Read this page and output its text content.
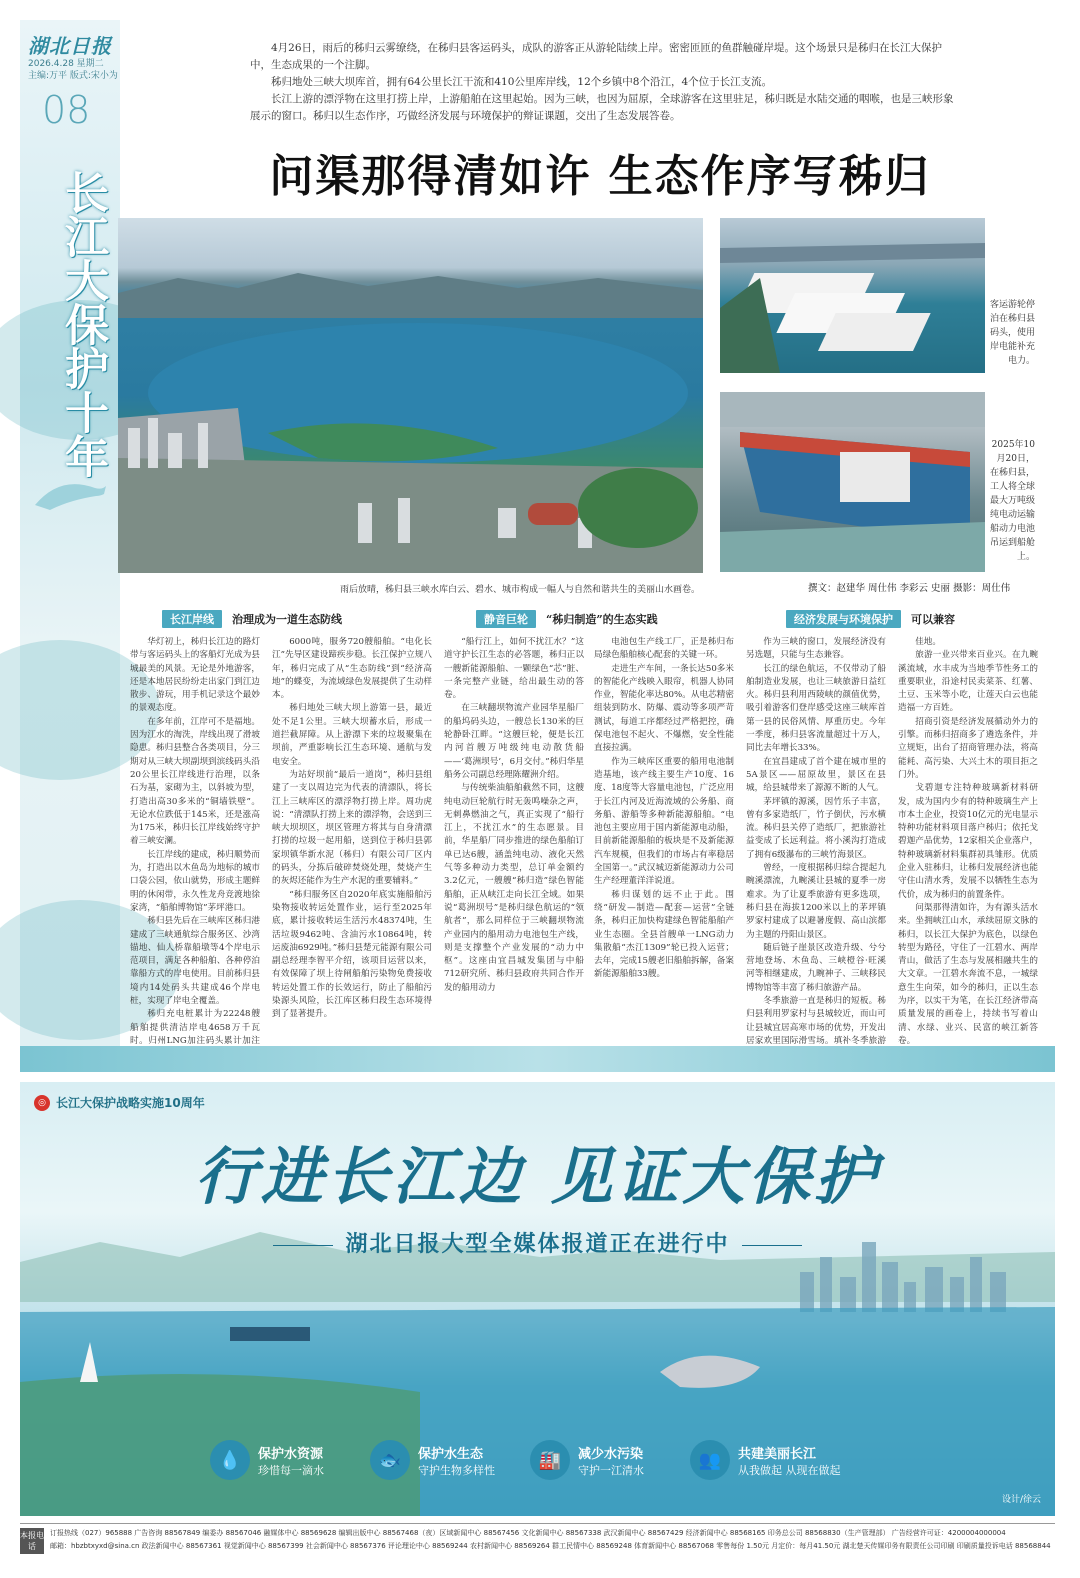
湖北日报
2026.4.28 星期二
主编:万平 版式:宋小为
08
长江大保护十年

4月26日，雨后的秭归云雾缭绕，在秭归县客运码头，成队的游客正从游轮陆续上岸。密密匝匝的鱼群触碰岸堤。这个场景只是秭归在长江大保护中，生态成果的一个注脚。

秭归地处三峡大坝库首，拥有64公里长江干流和410公里库岸线，12个乡镇中8个沿江，4个位于长江支流。

长江上游的漂浮物在这里打捞上岸，上游船舶在这里起始。因为三峡，也因为屈原，全球游客在这里驻足，秭归既是水陆交通的咽喉，也是三峡形象展示的窗口。秭归以生态作序，巧做经济发展与环境保护的辩证课题，交出了生态发展答卷。

问渠那得清如许 生态作序写秭归
客运游轮停泊在秭归县码头，使用岸电能补充电力。
2025年10月20日，在秭归县，工人将全球最大万吨级纯电动运输船动力电池吊运到船舱上。
雨后放晴，秭归县三峡水库白云、碧水、城市构成一幅人与自然和谐共生的美丽山水画卷。	撰文：赵建华 周仕伟 李彩云 史丽 摄影：周仕伟
长江岸线	治理成为一道生态防线	静音巨轮	“秭归制造”的生态实践	经济发展与环境保护	可以兼容

华灯初上，秭归长江边的路灯带与客运码头上的客船灯光成为县城最美的风景。无论是外地游客，还是本地居民纷纷走出家门到江边散步、游玩，用手机记录这个最妙的景观态度。

在多年前，江岸可不是福地。因为江水的淘洗，岸线出现了滑坡隐患。秭归县整合各类项目，分三期对从三峡大坝副坝到滨线码头沿20公里长江岸线进行治理，以条石为基，家砌为主，以斜坡为型，打造出高30多米的“铜墙铁壁”。无论水位跌低于145米，还是涨高为175米，秭归长江岸线始终守护着三峡安澜。

长江岸线的建成，秭归顺势而为，打造出以木鱼岛为地标的城市口袋公园，依山就势，形成主题鲜明的休闲带，永久性龙舟竞渡地徐家湾，“船舶博物馆”茅坪港口。

秭归县先后在三峡库区秭归港建成了三峡通航综合服务区、沙湾锚地、仙人桥靠船墩等4个岸电示范项目，满足各种船舶、各种停泊靠船方式的岸电使用。目前秭归县境内14处码头共建成46个岸电桩，实现了岸电全覆盖。

秭归充电桩累计为22248艘船舶提供清洁岸电4658万千瓦时。归州LNG加注码头累计加注

6000吨，服务720艘船舶。“电化长江”先导区建设蹄疾步稳。长江保护立规八年，秭归完成了从“生态防线”到“经济高地”的蝶变，为流域绿色发展提供了生动样本。

秭归地处三峡大坝上游第一县，最近处不足1公里。三峡大坝蓄水后，形成一道拦截屏障。从上游漂下来的垃圾聚集在坝前，严重影响长江生态环境、通航与发电安全。

为站好坝前“最后一道岗”，秭归县组建了一支以周边完为代表的清漂队，将长江上三峡库区的漂浮物打捞上岸。周功虎说：“清漂队打捞上来的漂浮物，会送到三峡大坝坝区，坝区管理方将其与自身清漂打捞的垃圾一起用船，送到位于秭归县郭家坝镇华新水泥（秭归）有限公司厂区内的码头，分拣后破碎焚烧处理，焚烧产生的灰烬还能作为生产水泥的重要辅料。”

“秭归服务区自2020年底实施船舶污染物接收转运处置作业，运行至2025年底，累计接收转运生活污水48374吨，生活垃圾9462吨、含油污水10864吨，转运废油6929吨。”秭归县楚元能源有限公司副总经理李智平介绍，该项目运营以来，有效保障了坝上待闸船舶污染物免费接收转运处置工作的长效运行，防止了船舶污染源头风险，长江库区秭归段生态环境得到了显著提升。

“船行江上，如何不扰江水？”这道守护长江生态的必答题，秭归正以一艘新能源船舶、一颗绿色“芯”脏、一条完整产业链，给出最生动的答卷。

在三峡翻坝物流产业园华星船厂的船坞码头边，一艘总长130米的巨轮静卧江畔。“这艘巨轮，便是长江内河首艘万吨级纯电动散货船——‘葛洲坝号’，6月交付。”秭归华星船务公司副总经理陈耀洲介绍。

与传统柴油船舶截然不同，这艘纯电动巨轮航行时无轰鸣噪杂之声，无刺鼻燃油之气，真正实现了“船行江上，不扰江水”的生态愿景。目前，华星船厂同步推进的绿色船舶订单已达6艘，涵盖纯电动、液化天然气等多种动力类型，总订单金额约3.2亿元，一艘艘“秭归造”绿色智能船舶，正从峡江走向长江全域。如果说“葛洲坝号”是秭归绿色航运的“领航者”，那么同样位于三峡翻坝物流产业园内的船用动力电池包生产线，则是支撑整个产业发展的“动力中枢”。这座由宜昌城发集团与中船712研究所、秭归县政府共同合作开发的船用动力

电池包生产线工厂，正是秭归布局绿色船舶核心配套的关键一环。

走进生产车间，一条长达50多米的智能化产线映入眼帘，机器人协同作业，智能化率达80%。从电芯精密组装到防水、防爆、震动等多项严苛测试，每道工序都经过严格把控，确保电池包不起火、不爆燃，安全性能直接拉满。

作为三峡库区重要的船用电池制造基地，该产线主要生产10度、16度、18度等大容量电池包，广泛应用于长江内河及近海流域的公务船、商务船、游船等多种新能源船舶。“电池包主要应用于国内新能源电动船，目前新能源船舶的板块是不及新能源汽车规模，但我们的市场占有率稳居全国第一。”武汉城迈新能源动力公司生产经理董洋洋说道。

秭归谋划的远不止于此。围绕“研发—制造—配套—运营”全链条，秭归正加快构建绿色智能船舶产业生态圈。全县首艘单一LNG动力集散船“杰江1309”轮已投入运营；去年，完成15艘老旧船舶拆解，备案新能源船舶33艘。

作为三峡的窗口，发展经济没有另选题，只能与生态兼容。

长江的绿色航运，不仅带动了船舶制造业发展，也让三峡旅游日益红火。秭归县利用西陵峡的颜值优势，吸引着游客们登岸感受这座三峡库首第一县的民俗风情、厚重历史。今年一季度，秭归县客流量超过十万人，同比去年增长33%。

在宜昌建成了首个建在城市里的5A景区——屈原故里，景区在县城，给县城带来了源源不断的人气。

茅坪镇的源溪，因竹乐子丰富，曾有多家造纸厂，竹子倒伏，污水横流。秭归县关停了造纸厂，把旅游社益变成了长远利益。将小溪沟打造成了拥有6级瀑布的三峡竹海景区。

曾经，一度根据秭归综合提起九畹溪漂流，九畹溪让县城的夏季一房难求。为了让夏季旅游有更多选项，秭归县在海拔1200米以上的茅坪镇罗家村建成了以避暑度假、高山滨都为主题的丹阳山景区。

随后链子崖景区改造升级、兮兮营地登场、木鱼岛、三峡橙谷·旺溪河等相继建成，九畹神子、三峡移民博物馆等丰富了秭归旅游产品。

冬季旅游一直是秭归的短板。秭归县利用罗家村与县城较近，而山可让县城宜居高寒市场的优势，开发出居家欢里国际滑雪场。填补冬季旅游

佳地。

旅游一业兴带来百业兴。在九畹溪流域，水丰成为当地季节性务工的重要职业，沿途村民卖菜茶、红薯、土豆、玉米等小吃，让莲天白云也能造福一方百姓。

招商引资是经济发展循动外力的引擎。而秭归招商多了遴选条件，并立规矩，出台了招商管理办法，将高能耗、高污染、大兴土木的项目拒之门外。

戈碧迦专注特种玻璃新材料研发，成为国内少有的特种玻璃生产上市本土企业，投资10亿元的光电显示特种功能材料项目落户秭归；依托戈碧迦产品优势，12家相关企业落户，特种玻璃新材料集群初具雏形。优质企业入驻秭归，让秭归发展经济也能守住山清水秀，发展不以牺牲生态为代价，成为秭归的前置条件。

问渠那得清如许，为有源头活水来。坐拥峡江山水，承续屈原文脉的秭归，以长江大保护为底色，以绿色转型为路径，守住了一江碧水、两岸青山，做活了生态与发展相融共生的大文章。一江碧水奔流不息，一城绿意生生向荣，如今的秭归，正以生态为序，以实干为笔，在长江经济带高质量发展的画卷上，持续书写着山清、水绿、业兴、民富的峡江新答卷。

◎ 长江大保护战略实施10周年
行进长江边 见证大保护
湖北日报大型全媒体报道正在进行中
💧	保护水资源
珍惜每一滴水	🐟	保护水生态
守护生物多样性	🏭	减少水污染
守护一江清水	👥	共建美丽长江
从我做起 从现在做起
设计/徐云
本报电话
订报热线（027）965888 广告咨询 88567849 编委办 88567046 融媒体中心 88569628 编辑出版中心 88567468（夜）区域新闻中心 88567456 文化新闻中心 88567338 武汉新闻中心 88567429 经济新闻中心 88568165 印务总公司 88568830（生产管理部） 广告经营许可证：4200004000004
邮箱：hbzbtxyxd@sina.cn 政法新闻中心 88567361 视觉新闻中心 88567399 社会新闻中心 88567376 评论理论中心 88569244 农村新闻中心 88569264 群工民情中心 88569248 体育新闻中心 88567068 零售每份 1.50元 月定价：每月41.50元 湖北楚天传媒印务有限责任公司印刷 印刷质量投诉电话 88568844
